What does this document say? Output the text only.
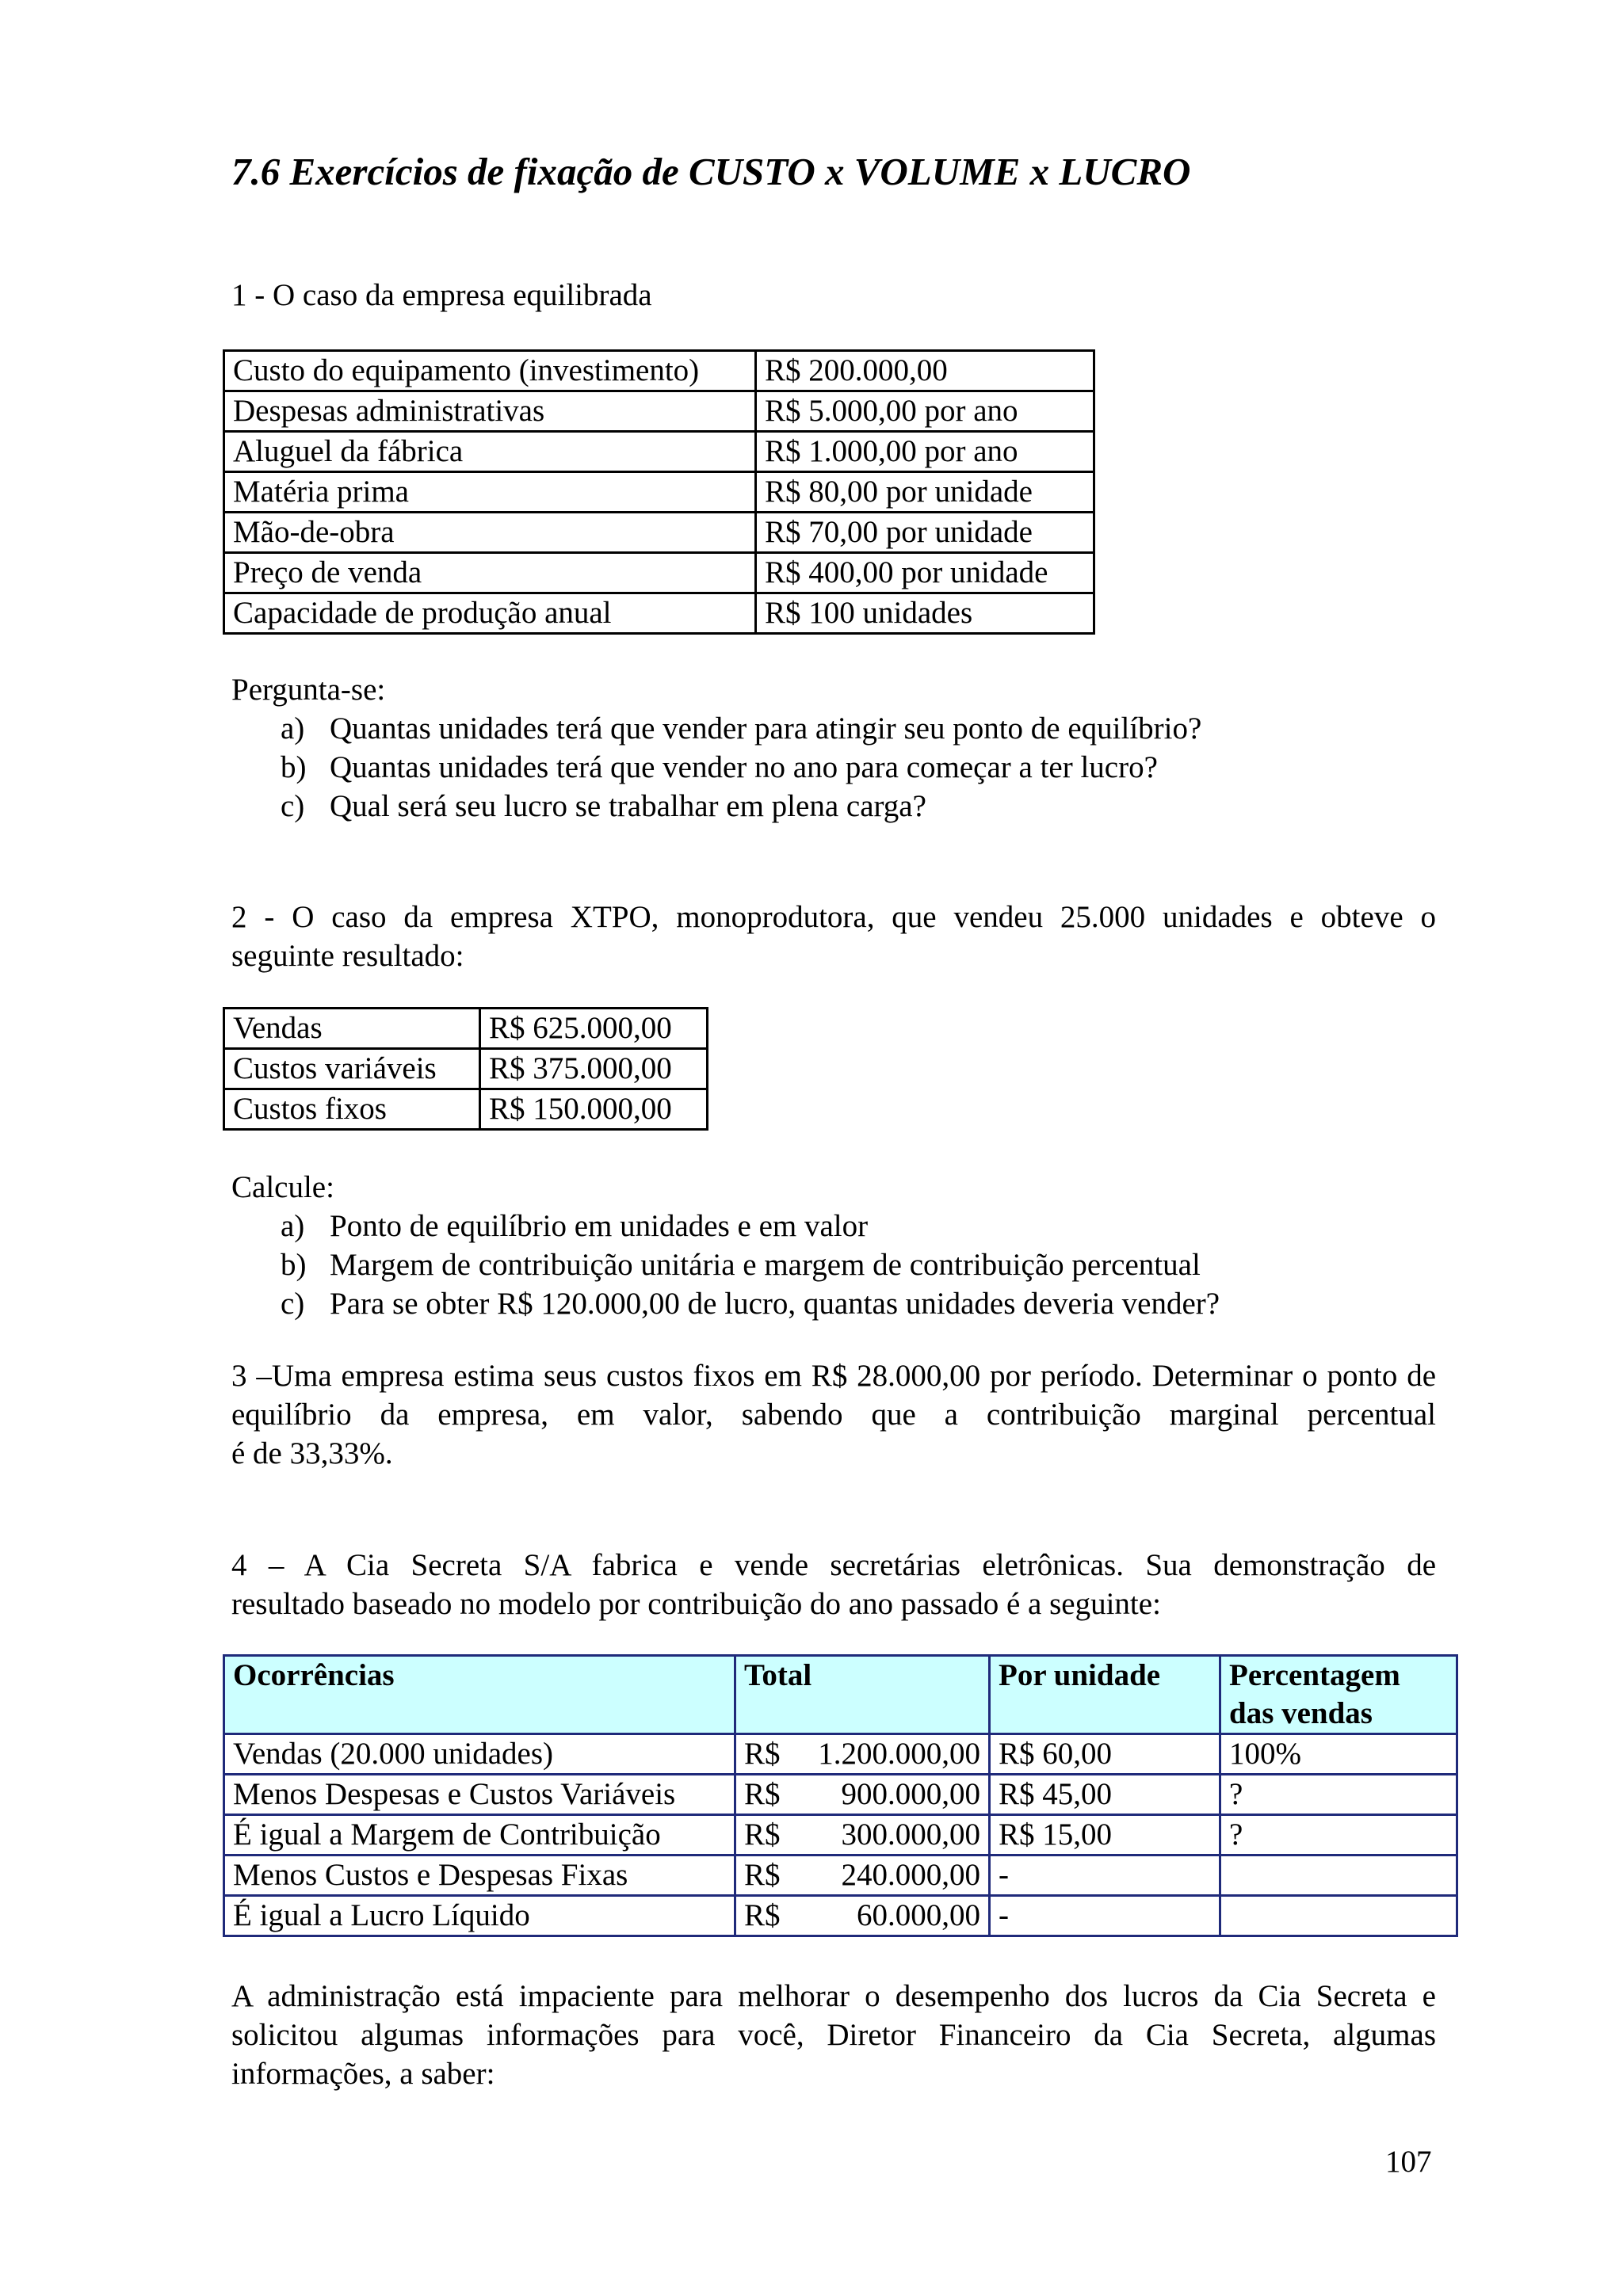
7.6 Exercícios de fixação de CUSTO x VOLUME x LUCRO

1 - O caso da empresa equilibrada

Custo do equipamento (investimento)	R$ 200.000,00
Despesas administrativas	R$ 5.000,00 por ano
Aluguel da fábrica	R$ 1.000,00 por ano
Matéria prima	R$ 80,00 por unidade
Mão-de-obra	R$ 70,00 por unidade
Preço de venda	R$ 400,00 por unidade
Capacidade de produção anual	R$ 100 unidades

Pergunta-se:

a) Quantas unidades terá que vender para atingir seu ponto de equilíbrio?
b) Quantas unidades terá que vender no ano para começar a ter lucro?
c) Qual será seu lucro se trabalhar em plena carga?

2 - O caso da empresa XTPO, monoprodutora, que vendeu 25.000 unidades e obteve o
seguinte resultado:

Vendas	R$ 625.000,00
Custos variáveis	R$ 375.000,00
Custos fixos	R$ 150.000,00

Calcule:

a) Ponto de equilíbrio em unidades e em valor
b) Margem de contribuição unitária e margem de contribuição percentual
c) Para se obter R$ 120.000,00 de lucro, quantas unidades deveria vender?

3 –Uma empresa estima seus custos fixos em R$ 28.000,00 por período. Determinar o ponto de equilíbrio da empresa, em valor, sabendo que a contribuição marginal percentual
é de 33,33%.

4 – A Cia Secreta S/A fabrica e vende secretárias eletrônicas. Sua demonstração de
resultado baseado no modelo por contribuição do ano passado é a seguinte:

Ocorrências	Total	Por unidade	Percentagem das vendas
Vendas (20.000 unidades)	R$ 1.200.000,00	R$ 60,00	100%
Menos Despesas e Custos Variáveis	R$ 900.000,00	R$ 45,00	?
É igual a Margem de Contribuição	R$ 300.000,00	R$ 15,00	?
Menos Custos e Despesas Fixas	R$ 240.000,00	-	
É igual a Lucro Líquido	R$ 60.000,00	-	

A administração está impaciente para melhorar o desempenho dos lucros da Cia Secreta e solicitou algumas informações para você, Diretor Financeiro da Cia Secreta, algumas
informações, a saber:

107
